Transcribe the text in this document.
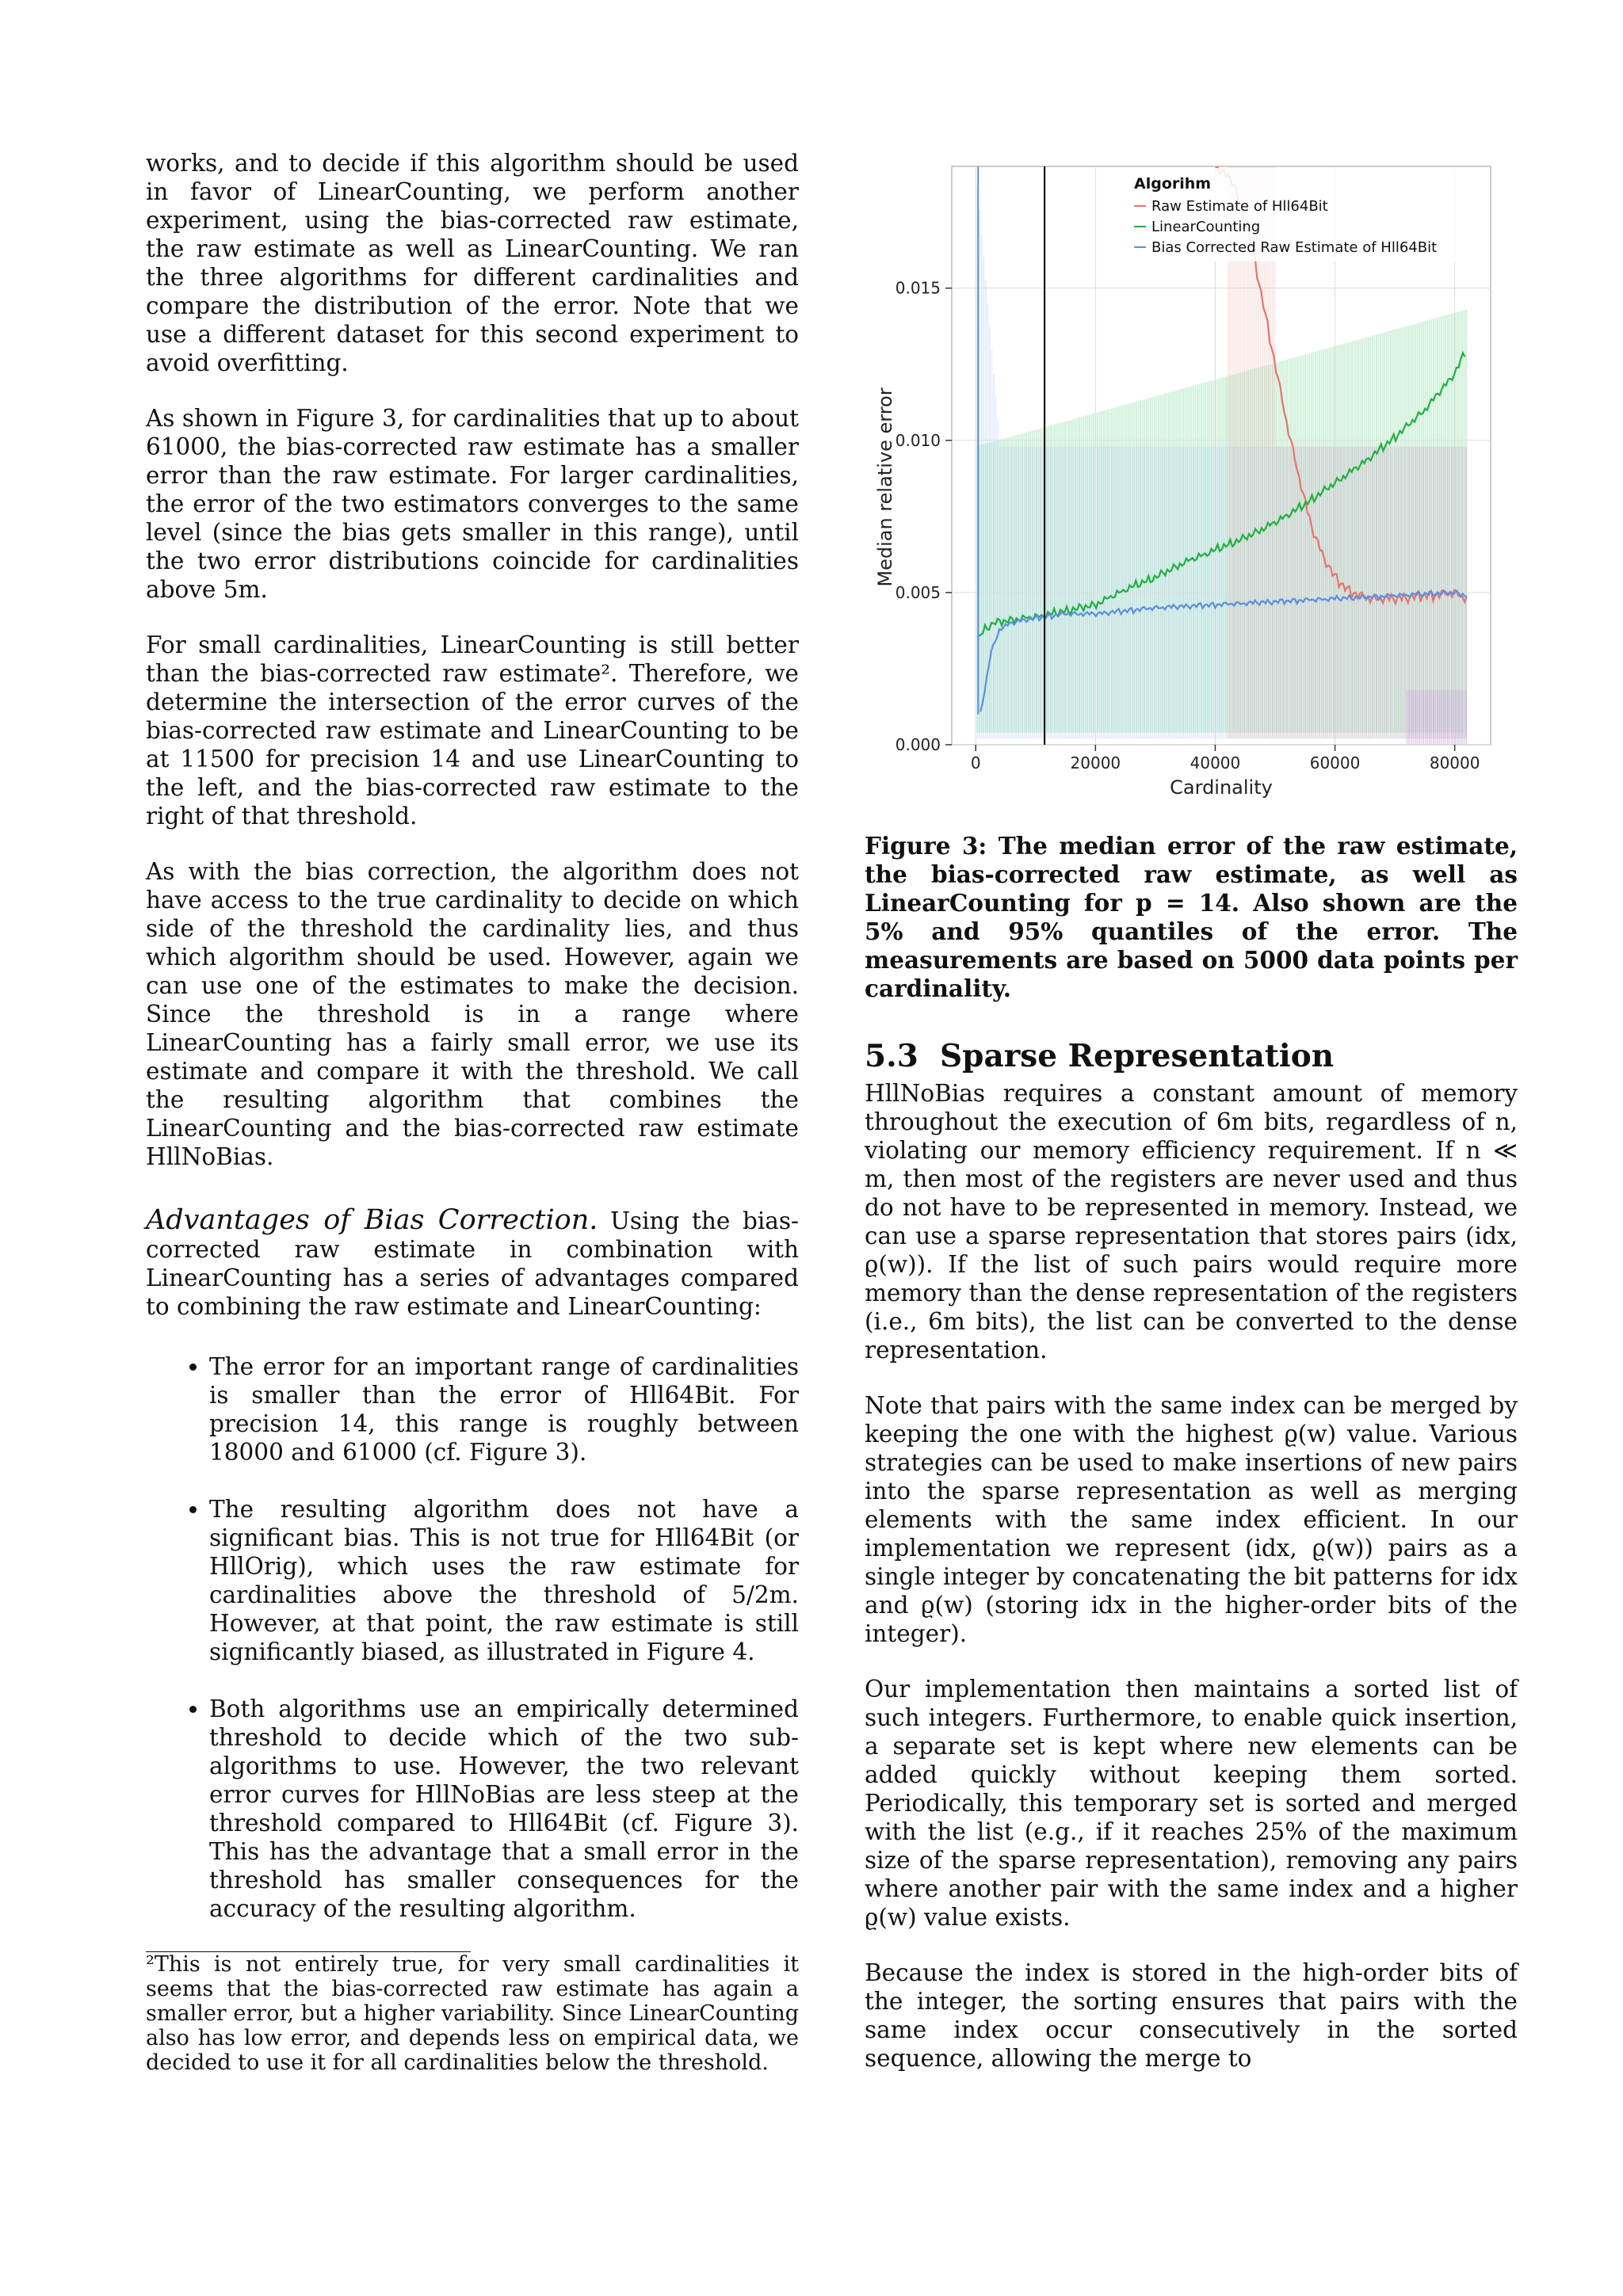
works, and to decide if this algorithm should be used in favor of LinearCounting, we perform another experiment, using the bias-corrected raw estimate, the raw estimate as well as LinearCounting. We ran the three algorithms for different cardinalities and compare the distribution of the error. Note that we use a different dataset for this second experiment to avoid overfitting.

As shown in Figure 3, for cardinalities that up to about 61000, the bias-corrected raw estimate has a smaller error than the raw estimate. For larger cardinalities, the error of the two estimators converges to the same level (since the bias gets smaller in this range), until the two error distributions coincide for cardinalities above 5m.

For small cardinalities, LinearCounting is still better than the bias-corrected raw estimate². Therefore, we determine the intersection of the error curves of the bias-corrected raw estimate and LinearCounting to be at 11500 for precision 14 and use LinearCounting to the left, and the bias-corrected raw estimate to the right of that threshold.

As with the bias correction, the algorithm does not have access to the true cardinality to decide on which side of the threshold the cardinality lies, and thus which algorithm should be used. However, again we can use one of the estimates to make the decision. Since the threshold is in a range where LinearCounting has a fairly small error, we use its estimate and compare it with the threshold. We call the resulting algorithm that combines the LinearCounting and the bias-corrected raw estimate HllNoBias.

Advantages of Bias Correction. Using the bias-corrected raw estimate in combination with LinearCounting has a series of advantages compared to combining the raw estimate and LinearCounting:

• The error for an important range of cardinalities is smaller than the error of Hll64Bit. For precision 14, this range is roughly between 18000 and 61000 (cf. Figure 3).
• The resulting algorithm does not have a significant bias. This is not true for Hll64Bit (or HllOrig), which uses the raw estimate for cardinalities above the threshold of 5/2m. However, at that point, the raw estimate is still significantly biased, as illustrated in Figure 4.
• Both algorithms use an empirically determined threshold to decide which of the two sub-algorithms to use. However, the two relevant error curves for HllNoBias are less steep at the threshold compared to Hll64Bit (cf. Figure 3). This has the advantage that a small error in the threshold has smaller consequences for the accuracy of the resulting algorithm.

²This is not entirely true, for very small cardinalities it seems that the bias-corrected raw estimate has again a smaller error, but a higher variability. Since LinearCounting also has low error, and depends less on empirical data, we decided to use it for all cardinalities below the threshold.

Cardinality
Median relative error
0.000
0.005
0.010
0.015
0	20000	40000	60000	80000
Algorihm
Raw Estimate of Hll64Bit
LinearCounting
Bias Corrected Raw Estimate of Hll64Bit

Figure 3: The median error of the raw estimate, the bias-corrected raw estimate, as well as LinearCounting for p = 14. Also shown are the 5% and 95% quantiles of the error. The measurements are based on 5000 data points per cardinality.

5.3 Sparse Representation

HllNoBias requires a constant amount of memory throughout the execution of 6m bits, regardless of n, violating our memory efficiency requirement. If n ≪ m, then most of the registers are never used and thus do not have to be represented in memory. Instead, we can use a sparse representation that stores pairs (idx, ϱ(w)). If the list of such pairs would require more memory than the dense representation of the registers (i.e., 6m bits), the list can be converted to the dense representation.

Note that pairs with the same index can be merged by keeping the one with the highest ϱ(w) value. Various strategies can be used to make insertions of new pairs into the sparse representation as well as merging elements with the same index efficient. In our implementation we represent (idx, ϱ(w)) pairs as a single integer by concatenating the bit patterns for idx and ϱ(w) (storing idx in the higher-order bits of the integer).

Our implementation then maintains a sorted list of such integers. Furthermore, to enable quick insertion, a separate set is kept where new elements can be added quickly without keeping them sorted. Periodically, this temporary set is sorted and merged with the list (e.g., if it reaches 25% of the maximum size of the sparse representation), removing any pairs where another pair with the same index and a higher ϱ(w) value exists.

Because the index is stored in the high-order bits of the integer, the sorting ensures that pairs with the same index occur consecutively in the sorted sequence, allowing the merge to
